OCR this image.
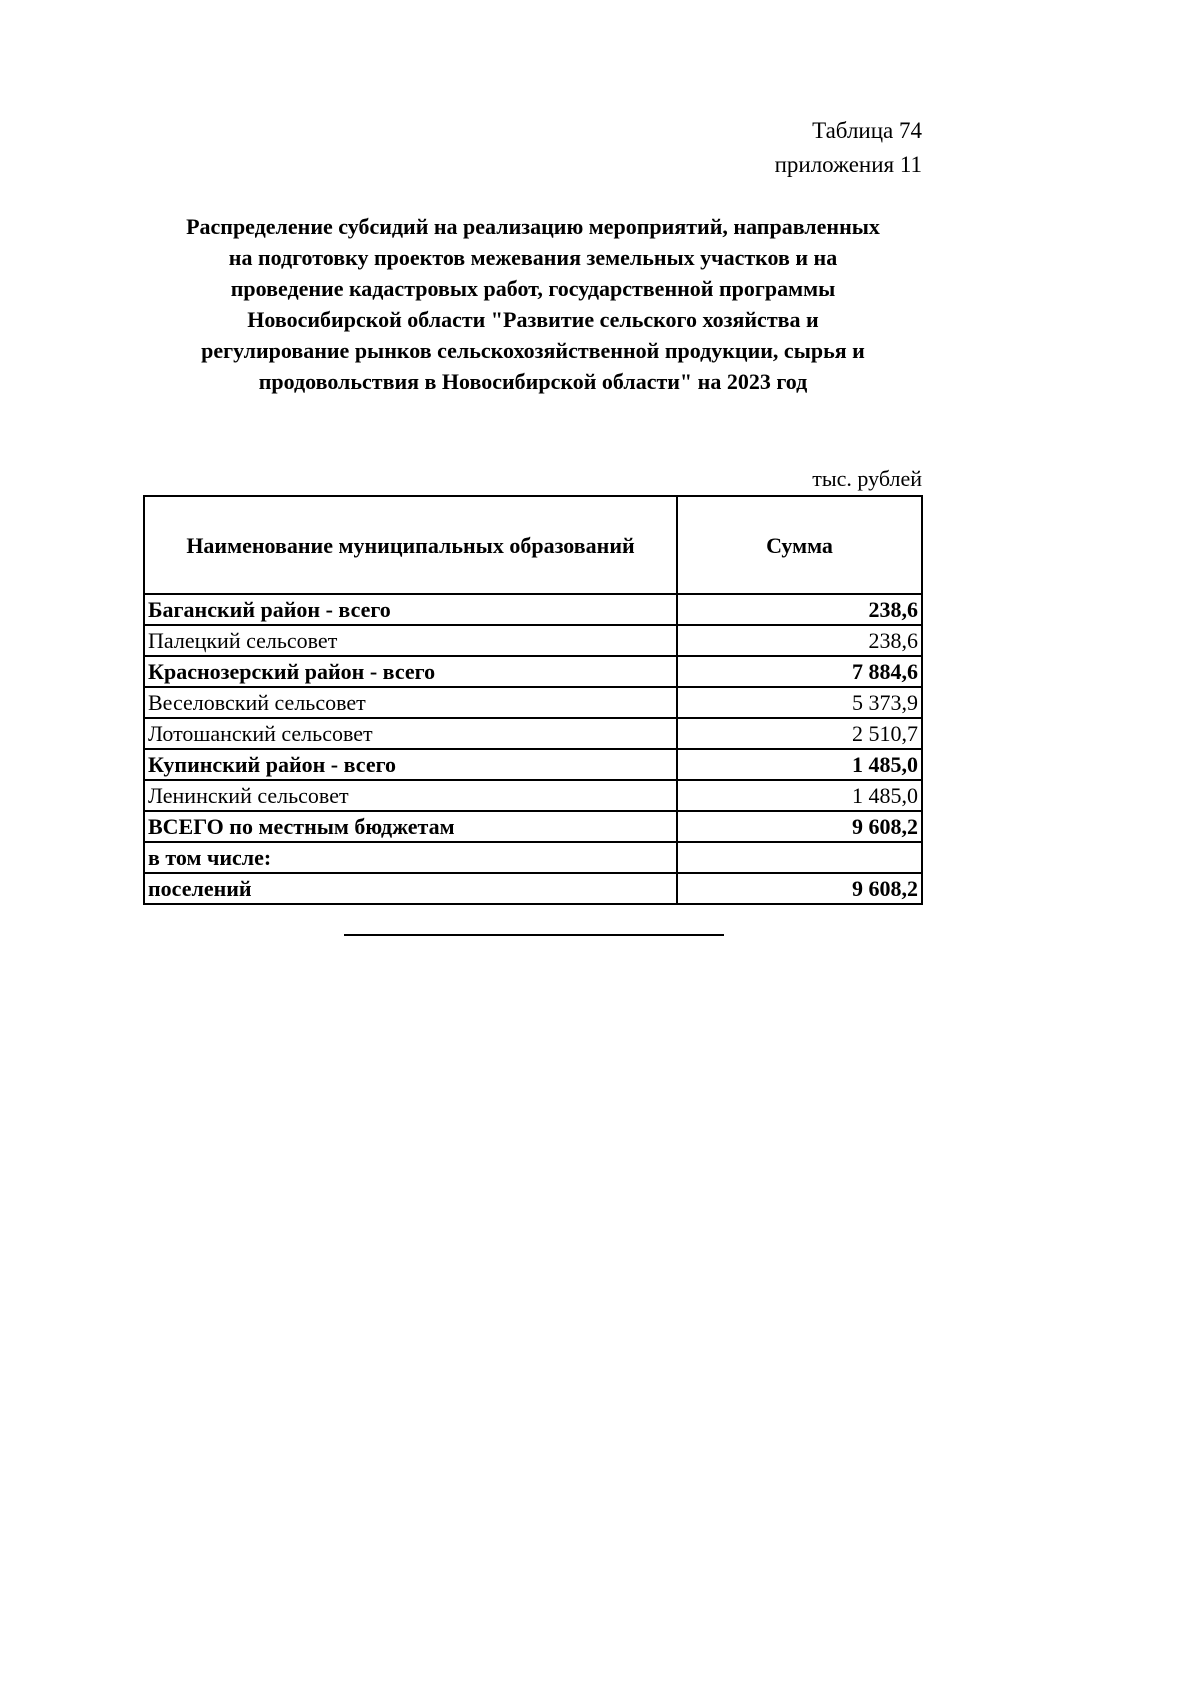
Таблица 74
приложения 11
Распределение субсидий на реализацию мероприятий, направленных
на подготовку проектов межевания земельных участков и на
проведение кадастровых работ, государственной программы
Новосибирской области "Развитие сельского хозяйства и
регулирование рынков сельскохозяйственной продукции, сырья и
продовольствия в Новосибирской области" на 2023 год
тыс. рублей
Наименование муниципальных образований	Сумма
Баганский район - всего	238,6
Палецкий сельсовет	238,6
Краснозерский район - всего	7 884,6
Веселовский сельсовет	5 373,9
Лотошанский сельсовет	2 510,7
Купинский район - всего	1 485,0
Ленинский сельсовет	1 485,0
ВСЕГО по местным бюджетам	9 608,2
в том числе:	
поселений	9 608,2
